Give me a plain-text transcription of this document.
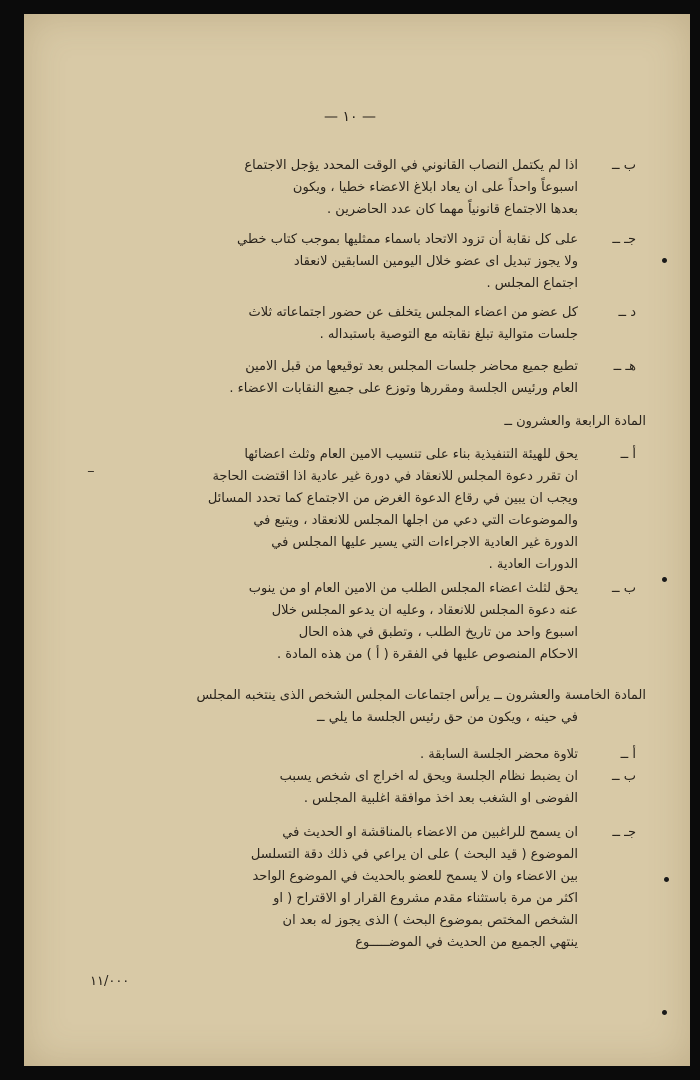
— ١٠ —
ب ــ
اذا لم يكتمل النصاب القانوني في الوقت المحدد يؤجل الاجتماع
اسبوعاً واحداً على ان يعاد ابلاغ الاعضاء خطيا ، ويكون
بعدها الاجتماع قانونياً مهما كان عدد الحاضرين .
جـ ــ
على كل نقابة أن تزود الاتحاد باسماء ممثليها بموجب كتاب خطي
ولا يجوز تبديل اى عضو خلال اليومين السابقين لانعقاد
اجتماع المجلس .
د ــ
كل عضو من اعضاء المجلس يتخلف عن حضور اجتماعاته ثلاث
جلسات متوالية تبلغ نقابته مع التوصية باستبداله .
هـ ــ
تطبع جميع محاضر جلسات المجلس بعد توقيعها من قبل الامين
العام ورئيس الجلسة ومقررها وتوزع على جميع النقابات الاعضاء .
المادة الرابعة والعشرون ــ
أ ــ
يحق للهيئة التنفيذية بناء على تنسيب الامين العام وثلث اعضائها
ان تقرر دعوة المجلس للانعقاد في دورة غير عادية اذا اقتضت الحاجة
ويجب ان يبين في رقاع الدعوة الغرض من الاجتماع كما تحدد المسائل
والموضوعات التي دعي من اجلها المجلس للانعقاد ، ويتبع في
الدورة غير العادية الاجراءات التي يسير عليها المجلس في
الدورات العادية .
ــ
ب ــ
يحق لثلث اعضاء المجلس الطلب من الامين العام او من ينوب
عنه دعوة المجلس للانعقاد ، وعليه ان يدعو المجلس خلال
اسبوع واحد من تاريخ الطلب ، وتطبق في هذه الحال
الاحكام المنصوص عليها في الفقرة ( أ ) من هذه المادة .
المادة الخامسة والعشرون ــ يرأس اجتماعات المجلس الشخص الذى ينتخبه المجلس
في حينه ، ويكون من حق رئيس الجلسة ما يلي ــ
أ ــ
تلاوة محضر الجلسة السابقة .
ب ــ
ان يضبط نظام الجلسة ويحق له اخراج اى شخص يسبب
الفوضى او الشغب بعد اخذ موافقة اغلبية المجلس .
جـ ــ
ان يسمح للراغبين من الاعضاء بالمناقشة او الحديث في
الموضوع ( قيد البحث ) على ان يراعي في ذلك دقة التسلسل
بين الاعضاء وان لا يسمح للعضو بالحديث في الموضوع الواحد
اكثر من مرة باستثناء مقدم مشروع القرار او الاقتراح ( او
الشخص المختص بموضوع البحث ) الذى يجوز له بعد ان
ينتهي الجميع من الحديث في الموضـــــوع
١١/٠٠٠
